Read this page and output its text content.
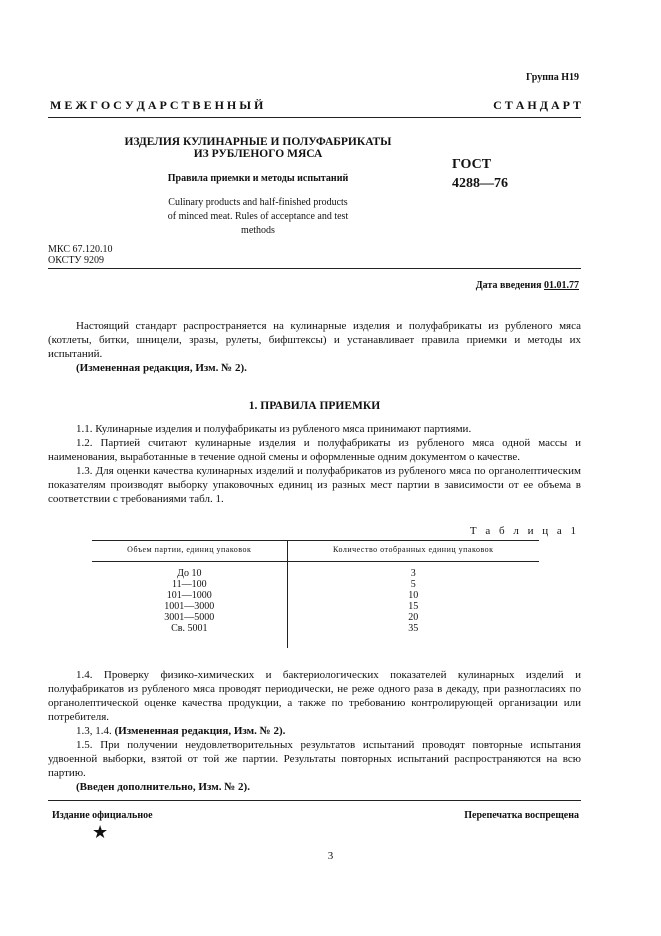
Группа Н19
М Е Ж Г О С У Д А Р С Т В Е Н Н Ы Й	С Т А Н Д А Р Т
ИЗДЕЛИЯ КУЛИНАРНЫЕ И ПОЛУФАБРИКАТЫ
ИЗ РУБЛЕНОГО МЯСА
Правила приемки и методы испытаний
Culinary products and half-finished products
of minced meat. Rules of acceptance and test
methods
ГОСТ
4288—76
МКС 67.120.10
ОКСТУ 9209
Дата введения 01.01.77

Настоящий стандарт распространяется на кулинарные изделия и полуфабрикаты из рубленого мяса (котлеты, битки, шницели, зразы, рулеты, бифштексы) и устанавливает правила приемки и методы их испытаний.

(Измененная редакция, Изм. № 2).

1. ПРАВИЛА ПРИЕМКИ

1.1. Кулинарные изделия и полуфабрикаты из рубленого мяса принимают партиями.

1.2. Партией считают кулинарные изделия и полуфабрикаты из рубленого мяса одной массы и наименования, выработанные в течение одной смены и оформленные одним документом о качестве.

1.3. Для оценки качества кулинарных изделий и полуфабрикатов из рубленого мяса по органолептическим показателям производят выборку упаковочных единиц из разных мест партии в зависимости от ее объема в соответствии с требованиями табл. 1.

Т а б л и ц а 1
Объем партии, единиц упаковок	Количество отобранных единиц упаковок
До 10	3
11—100	5
101—1000	10
1001—3000	15
3001—5000	20
Св. 5001	35

1.4. Проверку физико-химических и бактериологических показателей кулинарных изделий и полуфабрикатов из рубленого мяса проводят периодически, не реже одного раза в декаду, при разногласиях по органолептической оценке качества продукции, а также по требованию контролирующей организации или потребителя.

1.3, 1.4. (Измененная редакция, Изм. № 2).

1.5. При получении неудовлетворительных результатов испытаний проводят повторные испытания удвоенной выборки, взятой от той же партии. Результаты повторных испытаний распространяются на всю партию.

(Введен дополнительно, Изм. № 2).

Издание официальное	Перепечатка воспрещена
★
3
